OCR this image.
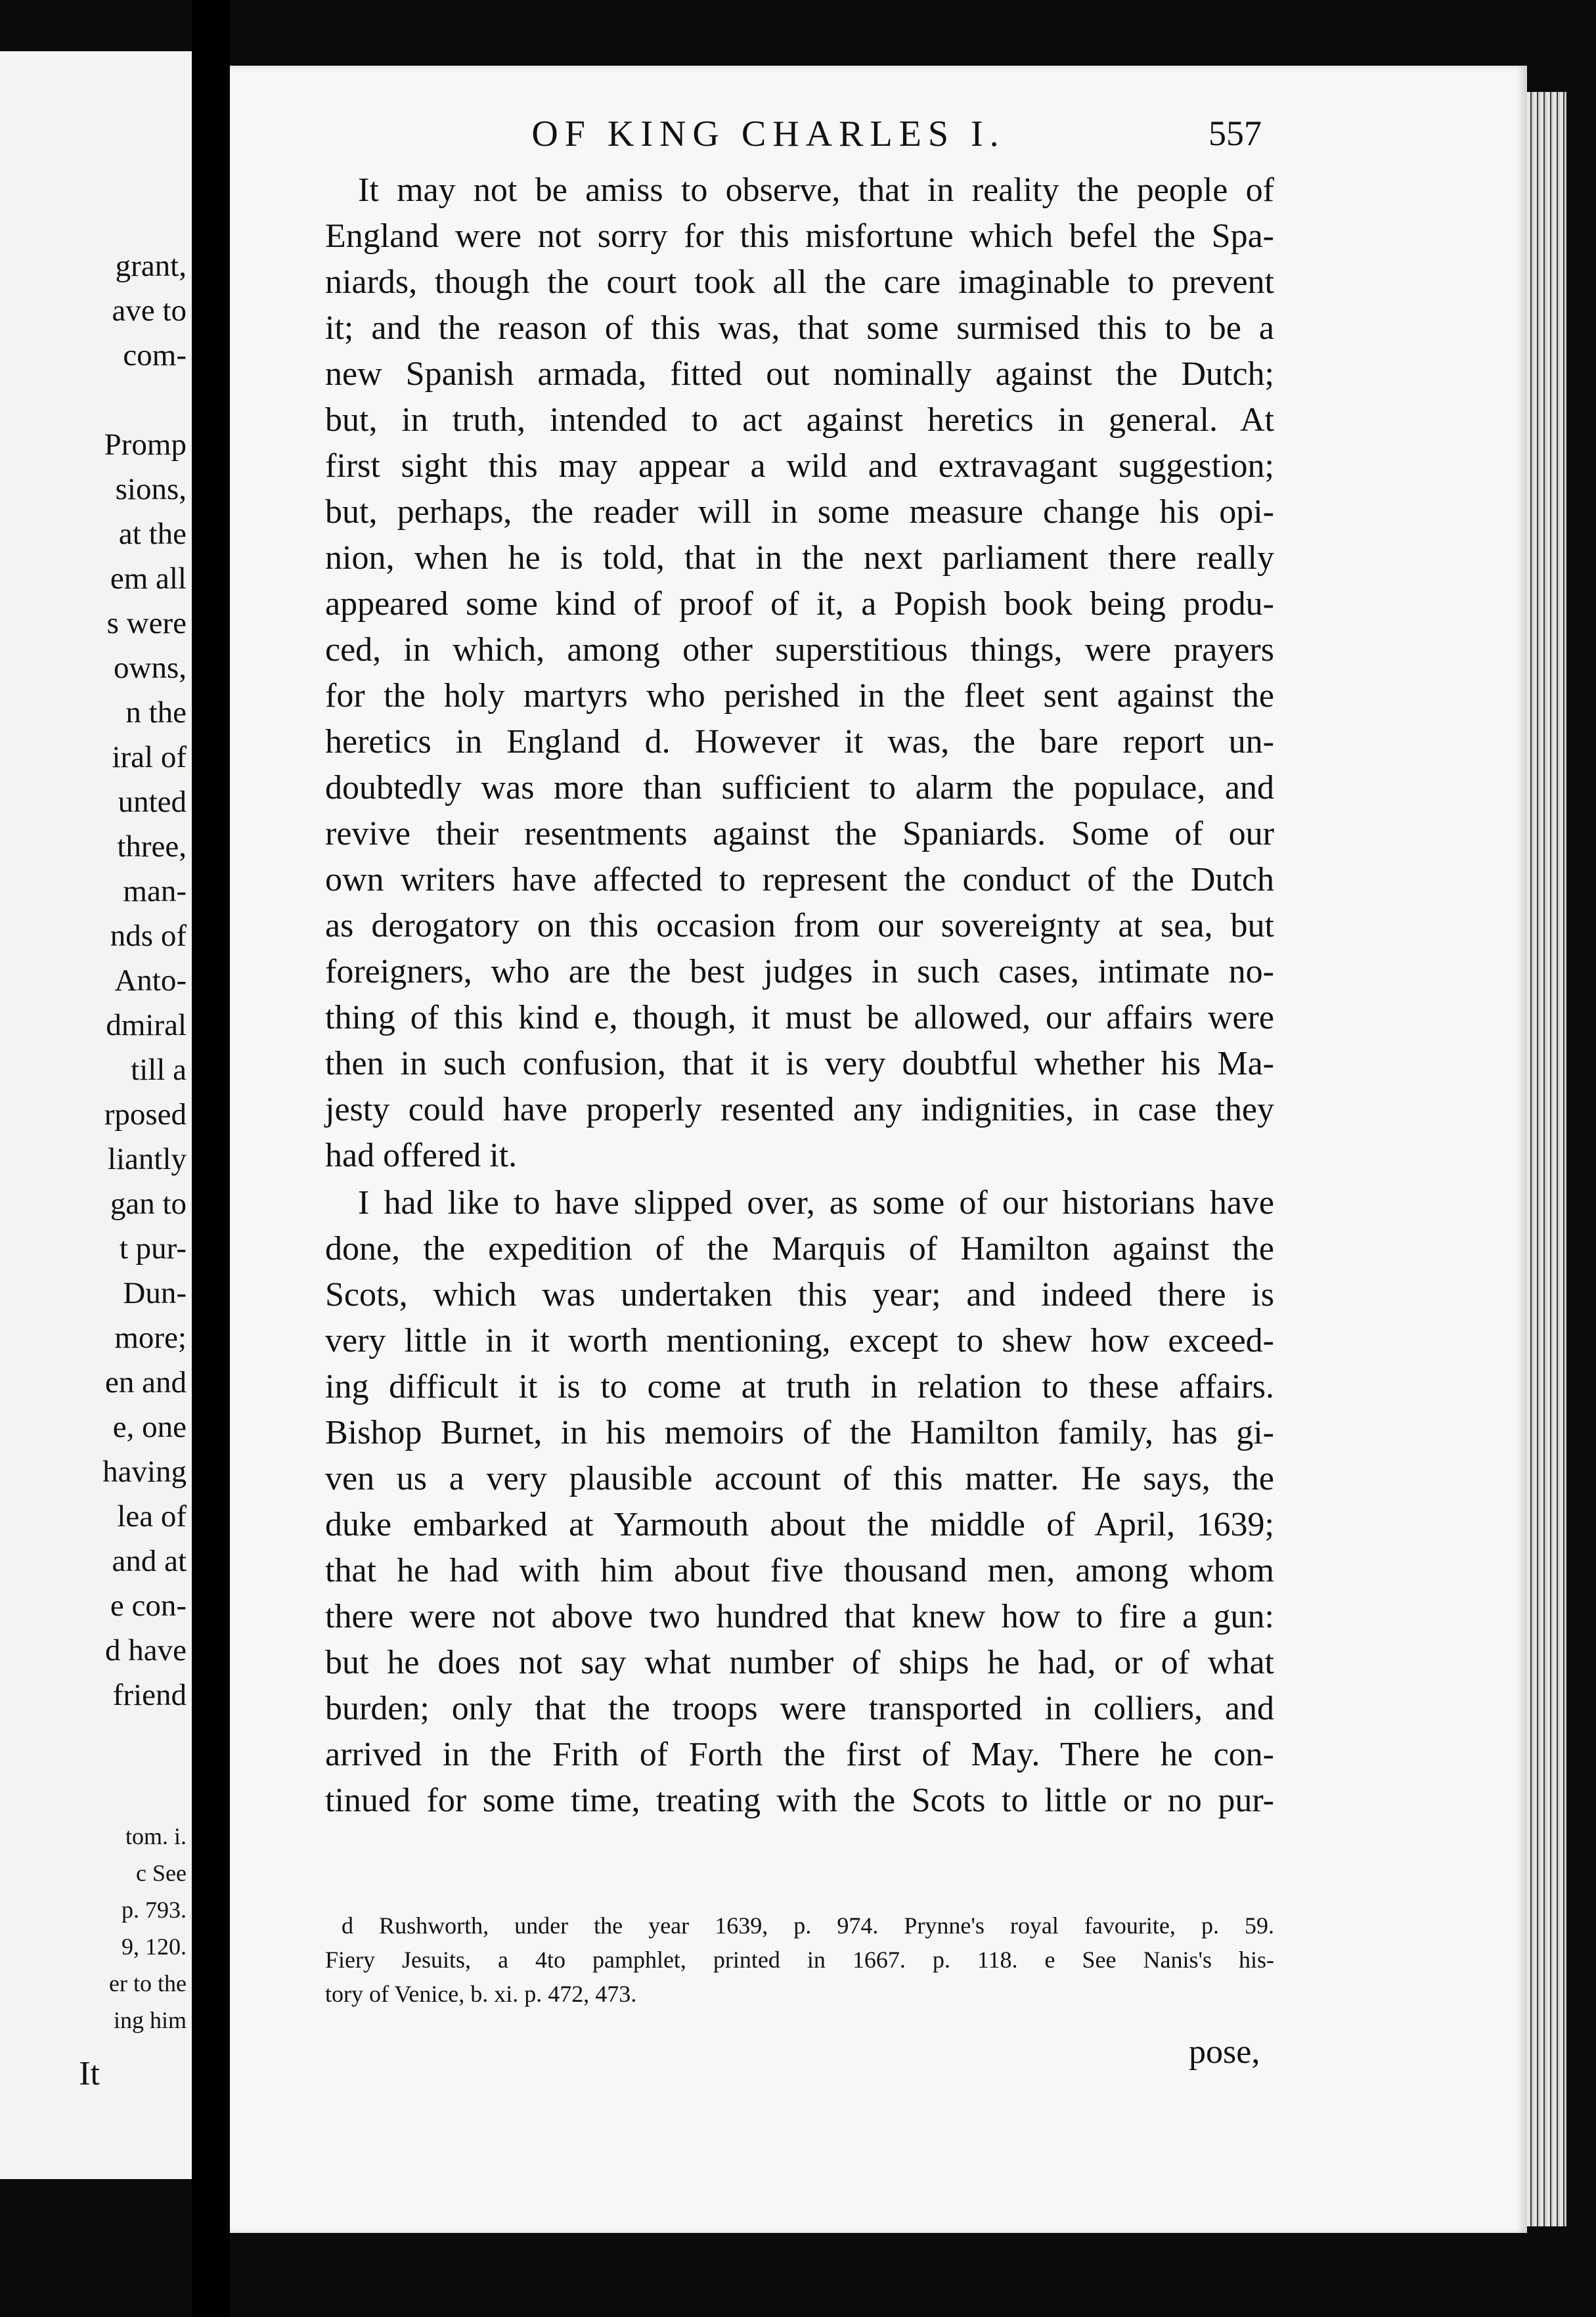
grant,
ave to
com-
Promp
sions,
at the
em all
s were
owns,
n the
iral of
unted
three,
man-
nds of
Anto-
dmiral
till a
rposed
liantly
gan to
t pur-
Dun-
more;
en and
e, one
having
lea of
and at
e con-
d have
friend
tom. i.
c See
p. 793.
9, 120.
er to the
ing him
It
OF KING CHARLES I.	557
It may not be amiss to observe, that in reality the people of
England were not sorry for this misfortune which befel the Spa-
niards, though the court took all the care imaginable to prevent
it; and the reason of this was, that some surmised this to be a
new Spanish armada, fitted out nominally against the Dutch;
but, in truth, intended to act against heretics in general. At
first sight this may appear a wild and extravagant suggestion;
but, perhaps, the reader will in some measure change his opi-
nion, when he is told, that in the next parliament there really
appeared some kind of proof of it, a Popish book being produ-
ced, in which, among other superstitious things, were prayers
for the holy martyrs who perished in the fleet sent against the
heretics in England d. However it was, the bare report un-
doubtedly was more than sufficient to alarm the populace, and
revive their resentments against the Spaniards. Some of our
own writers have affected to represent the conduct of the Dutch
as derogatory on this occasion from our sovereignty at sea, but
foreigners, who are the best judges in such cases, intimate no-
thing of this kind e, though, it must be allowed, our affairs were
then in such confusion, that it is very doubtful whether his Ma-
jesty could have properly resented any indignities, in case they
had offered it.
I had like to have slipped over, as some of our historians have
done, the expedition of the Marquis of Hamilton against the
Scots, which was undertaken this year; and indeed there is
very little in it worth mentioning, except to shew how exceed-
ing difficult it is to come at truth in relation to these affairs.
Bishop Burnet, in his memoirs of the Hamilton family, has gi-
ven us a very plausible account of this matter. He says, the
duke embarked at Yarmouth about the middle of April, 1639;
that he had with him about five thousand men, among whom
there were not above two hundred that knew how to fire a gun:
but he does not say what number of ships he had, or of what
burden; only that the troops were transported in colliers, and
arrived in the Frith of Forth the first of May. There he con-
tinued for some time, treating with the Scots to little or no pur-
d Rushworth, under the year 1639, p. 974. Prynne's royal favourite, p. 59.
Fiery Jesuits, a 4to pamphlet, printed in 1667. p. 118. e See Nanis's his-
tory of Venice, b. xi. p. 472, 473.
pose,
